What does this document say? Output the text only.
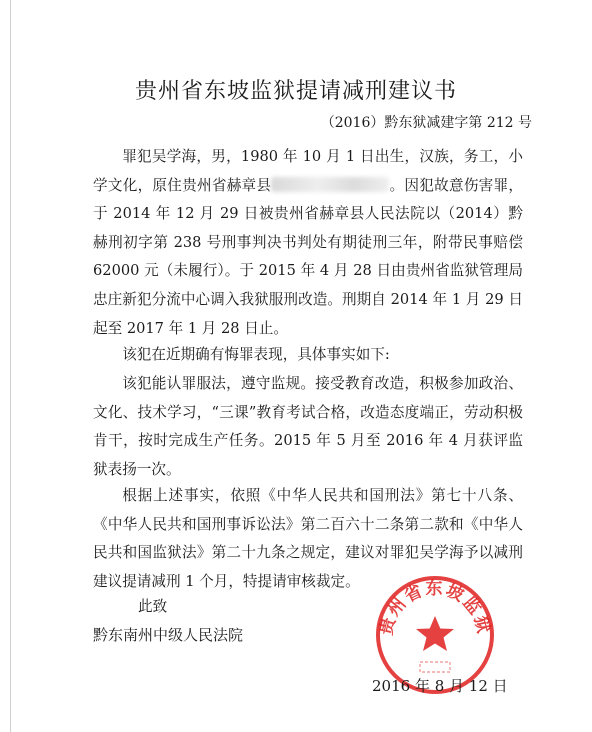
贵州省东坡监狱提请减刑建议书
（2016）黔东狱减建字第 212 号
罪犯吴学海，男，1980 年 10 月 1 日出生，汉族，务工，小学文化，原住贵州省赫章县	。因犯故意伤害罪，于 2014 年 12 月 29 日被贵州省赫章县人民法院以（2014）黔赫刑初字第 238 号刑事判决书判处有期徒刑三年，附带民事赔偿 62000 元（未履行）。于 2015 年 4 月 28 日由贵州省监狱管理局忠庄新犯分流中心调入我狱服刑改造。刑期自 2014 年 1 月 29 日起至 2017 年 1 月 28 日止。
该犯在近期确有悔罪表现，具体事实如下:
该犯能认罪服法，遵守监规。接受教育改造，积极参加政治、文化、技术学习，“三课”教育考试合格，改造态度端正，劳动积极肯干，按时完成生产任务。2015 年 5 月至 2016 年 4 月获评监狱表扬一次。
根据上述事实，依照《中华人民共和国刑法》第七十八条、《中华人民共和国刑事诉讼法》第二百六十二条第二款和《中华人民共和国监狱法》第二十九条之规定，建议对罪犯吴学海予以减刑建议提请减刑 1 个月，特提请审核裁定。
此致
黔东南州中级人民法院	贵州省东坡监狱
2016 年 8 月 12 日
